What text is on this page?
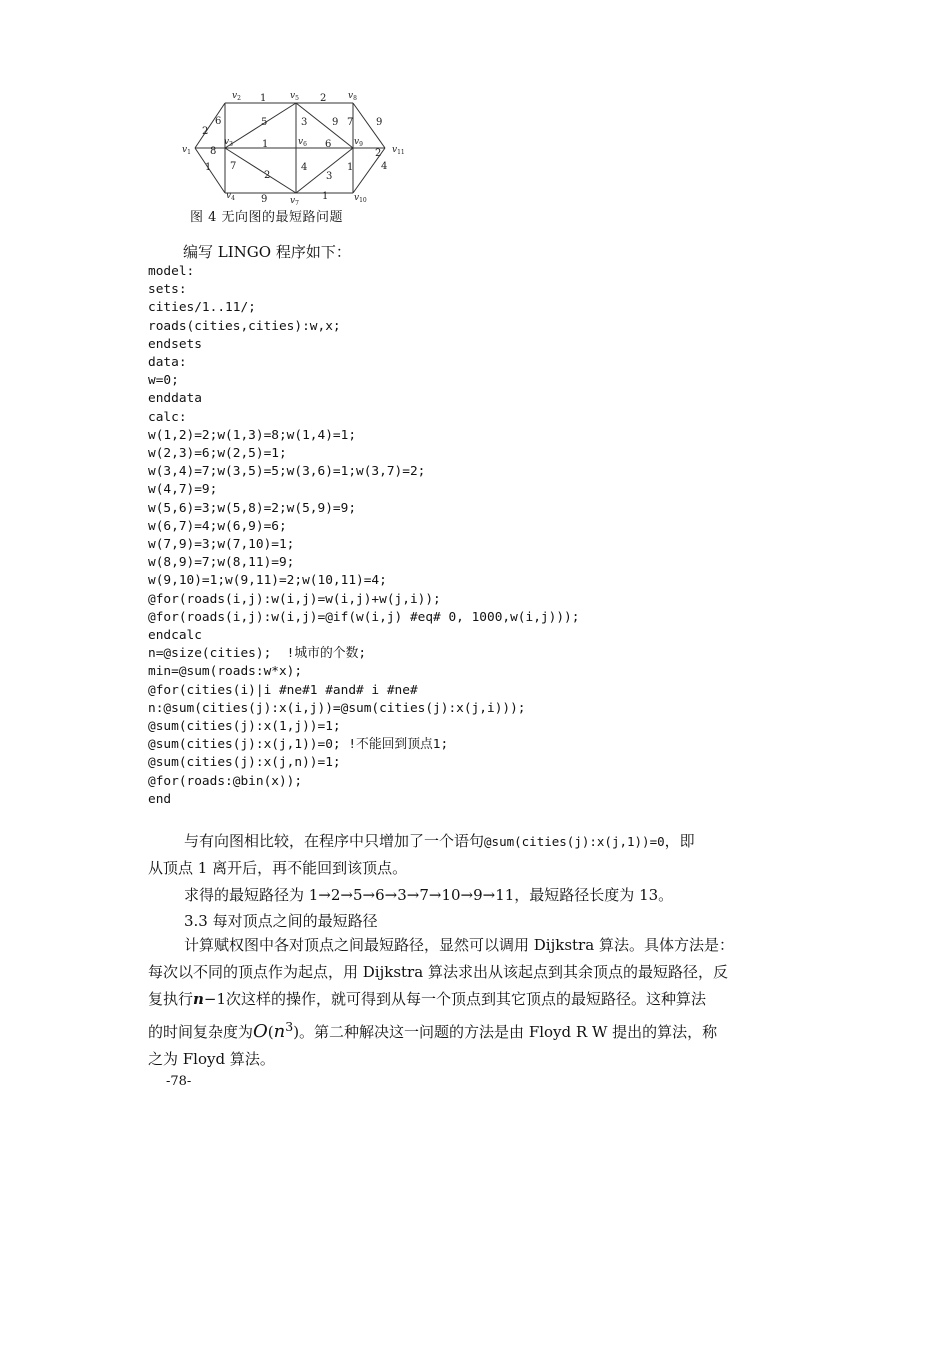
2
8
1
6
1
7
5
1
2
9
3
2
9
4
6
3
1
7 9
1
2
4
$v_1$
$v_2$
$v_3$
$v_4$
$v_5$
$v_6$
$v_7$
$v_8$
$v_9$
$v_{10}$
$v_{11}$
图 4 无向图的最短路问题
编写 LINGO 程序如下：
model:
sets:
cities/1..11/;
roads(cities,cities):w,x;
endsets
data:
w=0;
enddata
calc:
w(1,2)=2;w(1,3)=8;w(1,4)=1;
w(2,3)=6;w(2,5)=1;
w(3,4)=7;w(3,5)=5;w(3,6)=1;w(3,7)=2;
w(4,7)=9;
w(5,6)=3;w(5,8)=2;w(5,9)=9;
w(6,7)=4;w(6,9)=6;
w(7,9)=3;w(7,10)=1;
w(8,9)=7;w(8,11)=9;
w(9,10)=1;w(9,11)=2;w(10,11)=4;
@for(roads(i,j):w(i,j)=w(i,j)+w(j,i));
@for(roads(i,j):w(i,j)=@if(w(i,j) #eq# 0, 1000,w(i,j)));
endcalc
n=@size(cities);  !城市的个数;
min=@sum(roads:w*x);
@for(cities(i)|i #ne#1 #and# i #ne#
n:@sum(cities(j):x(i,j))=@sum(cities(j):x(j,i)));
@sum(cities(j):x(1,j))=1;
@sum(cities(j):x(j,1))=0; !不能回到顶点1;
@sum(cities(j):x(j,n))=1;
@for(roads:@bin(x));
end
与有向图相比较，在程序中只增加了一个语句@sum(cities(j):x(j,1))=0，即
从顶点 1 离开后，再不能回到该顶点。
求得的最短路径为 1→2→5→6→3→7→10→9→11，最短路径长度为 13。
3.3 每对顶点之间的最短路径
计算赋权图中各对顶点之间最短路径，显然可以调用 Dijkstra 算法。具体方法是：
每次以不同的顶点作为起点，用 Dijkstra 算法求出从该起点到其余顶点的最短路径，反
复执行n−1次这样的操作，就可得到从每一个顶点到其它顶点的最短路径。这种算法
的时间复杂度为$O(n^3)$。第二种解决这一问题的方法是由 Floyd R W 提出的算法，称
之为 Floyd 算法。
-78-
